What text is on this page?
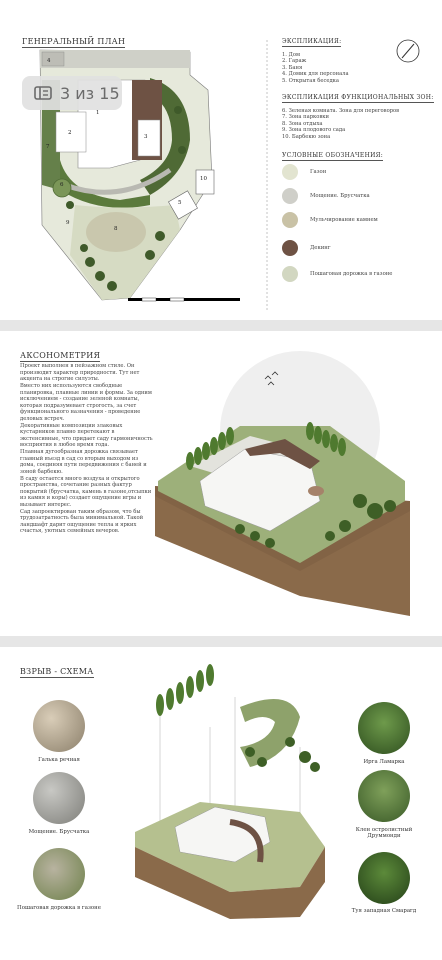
ГЕНЕРАЛЬНЫЙ ПЛАН
4
1
2
3
7
6
5
9
10
8
3 из 15
ЭКСПЛИКАЦИЯ:
1. Дом
2. Гараж
3. Баня
4. Домик для персонала
5. Открытая беседка
ЭКСПЛИКАЦИЯ ФУНКЦИОНАЛЬНЫХ ЗОН:
6. Зеленая комната. Зона для переговоров
7. Зона парковки
8. Зона отдыха
9. Зона плодового сада
10. Барбекю зона
УСЛОВНЫЕ ОБОЗНАЧЕНИЯ:
Газон
Мощение. Брусчатка
Мульчирование камнем
Декинг
Пошаговая дорожка в газоне
АКСОНОМЕТРИЯ

Проект выполнен в пейзажном стиле. Он производит характер природности. Тут нет акцента на строгие силуэты.

Вместо них используются свободные планировка, плавные линии и формы. За одним исключением - создание зеленой комнаты, которая подразумевает строгость, за счет функционального назначения - проведение деловых встреч.

Декоративные композиции злаковых кустарников плавно перетекают в экстенсивные, что придает саду гармоничность восприятия в любое время года.

Плавная дугообразная дорожка связывает главный въезд в сад со вторым выходом из дома, соединяя пути передвижения с баней и зоной барбекю.

В саду остается много воздуха и открытого пространства, сочетание разных фактур покрытий (брусчатка, камень в газоне,отсыпки из камня и коры) создает ощущение игры и вызывает интерес.

Сад запроектирован таким образом, что бы трудозатратность была минимальной. Такой ландшафт дарит ощущение тепла и ярких счастья, уютных семейных вечеров.

ВЗРЫВ - СХЕМА
Галька речная
Мощение. Брусчатка
Пошаговая дорожка в газоне
Ирга Ламарка
Клен остролистный Друммонди
Туя западная Смарагд
